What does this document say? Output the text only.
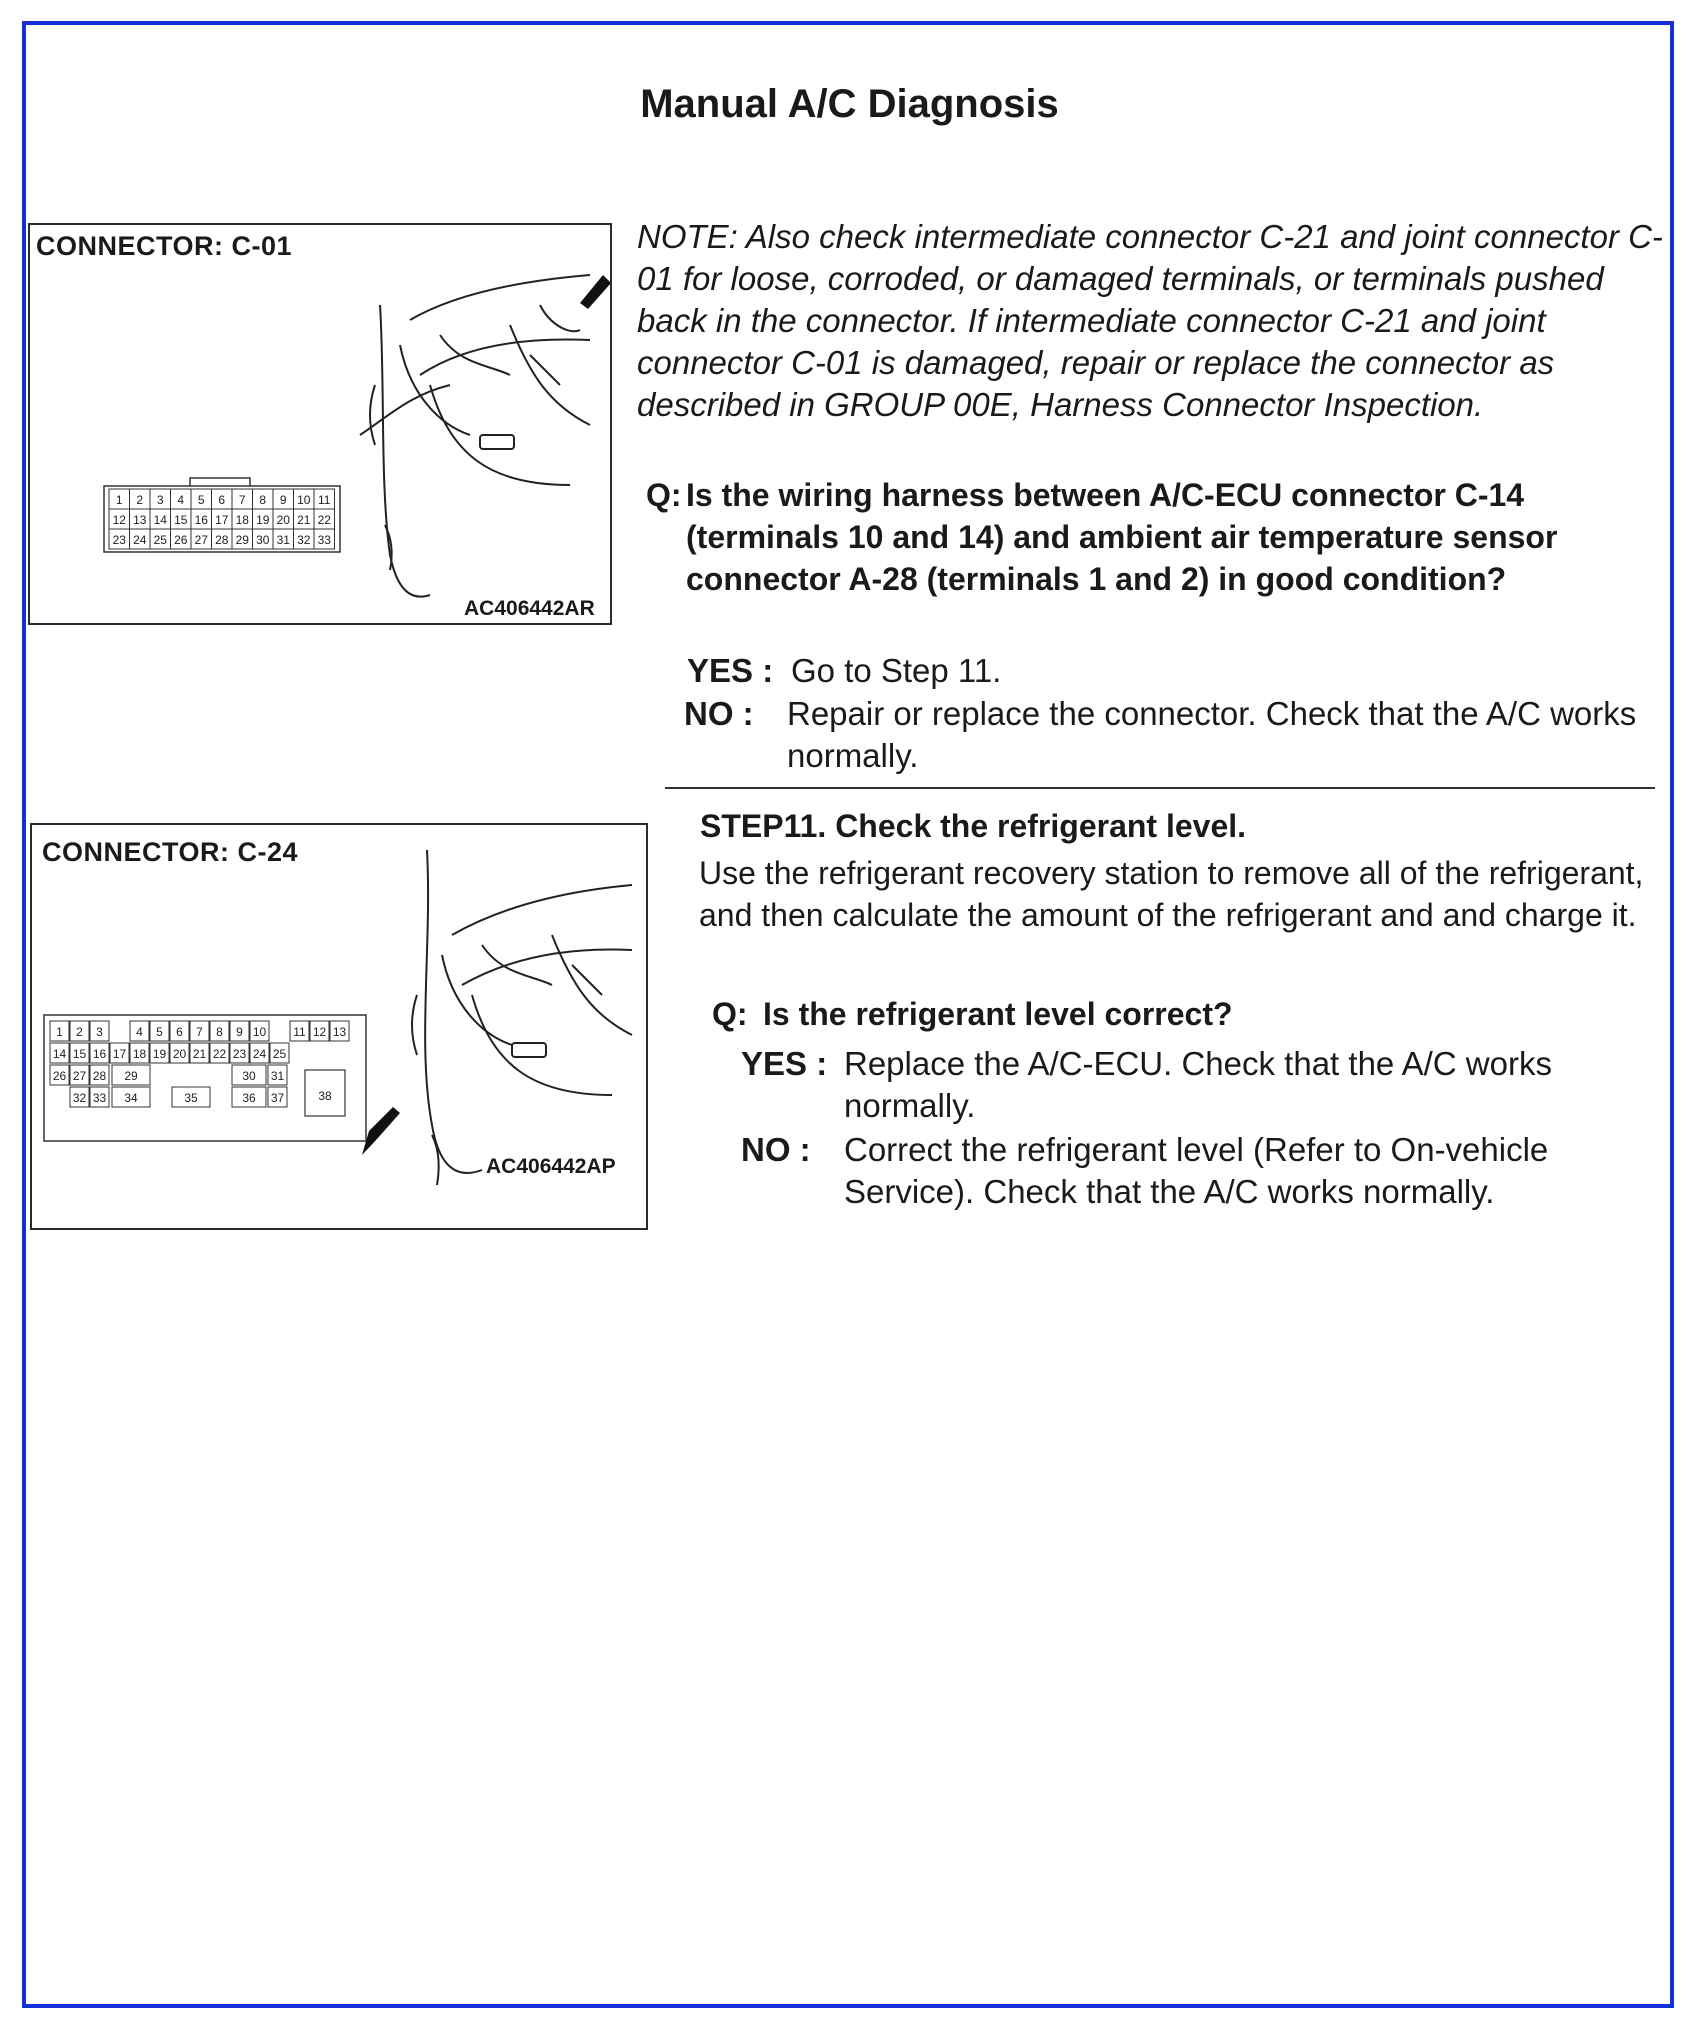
Manual A/C Diagnosis
CONNECTOR: C-01
1 2 3 4 5 6 7 8 9 10 11
12 13 14 15 16 17 18 19 20 21 22
23 24 25 26 27 28 29 30 31 32 33
AC406442AR
CONNECTOR: C-24
1 2 3	4 5 6 7 8 9 10 11 12 13
14 15 16 17 18 19 20 21 22 23 24 25
26 27 28 29	30 31
38
32 33 34	35	36 37
AC406442AP
NOTE: Also check intermediate connector C-21 and joint connector C-01 for loose, corroded, or damaged terminals, or terminals pushed back in the connector. If intermediate connector C-21 and joint connector C-01 is damaged, repair or replace the connector as described in GROUP 00E, Harness Connector Inspection.
Q: Is the wiring harness between A/C-ECU connector C-14 (terminals 10 and 14) and ambient air temperature sensor connector A-28 (terminals 1 and 2) in good condition?
YES : Go to Step 11.
NO : Repair or replace the connector. Check that the A/C works normally.
STEP11. Check the refrigerant level.
Use the refrigerant recovery station to remove all of the refrigerant, and then calculate the amount of the refrigerant and and charge it.
Q: Is the refrigerant level correct?
YES : Replace the A/C-ECU. Check that the A/C works normally.
NO : Correct the refrigerant level (Refer to On-vehicle Service). Check that the A/C works normally.
